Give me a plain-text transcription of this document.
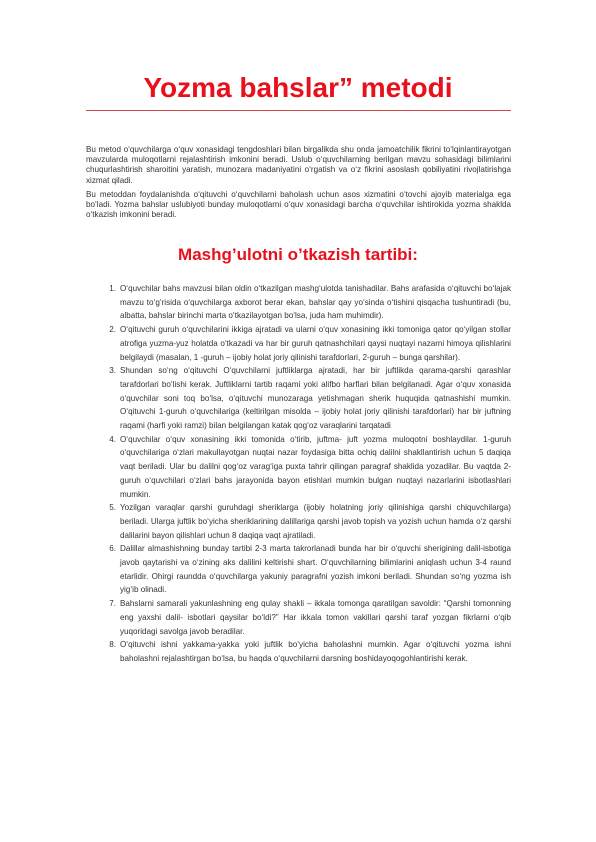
Yozma bahslar” metodi

Bu metod o‘quvchilarga o‘quv xonasidagi tengdoshlari bilan birgalikda shu onda jamoatchilik fikrini to‘lqinlantirayotgan mavzularda muloqotlarni rejalashtirish imkonini beradi. Uslub o‘quvchilarning berilgan mavzu sohasidagi bilimlarini chuqurlashtirish sharoitini yaratish, munozara madaniyatini o‘rgatish va o‘z fikrini asoslash qobiliyatini rivojlatirishga xizmat qiladi.

Bu metoddan foydalanishda o‘qituvchi o‘quvchilarni baholash uchun asos xizmatini o‘tovchi ajoyib materialga ega bo‘ladi. Yozma bahslar uslubiyoti bunday muloqotlarni o‘quv xonasidagi barcha o‘quvchilar ishtirokida yozma shaklda o‘tkazish imkonini beradi.

Mashg’ulotni o’tkazish tartibi:
1. O‘quvchilar bahs mavzusi bilan oldin o‘tkazilgan mashg‘ulotda tanishadilar. Bahs arafasida o‘qituvchi bo‘lajak mavzu to‘g‘risida o‘quvchilarga axborot berar ekan, bahslar qay yo‘sinda o‘tishini qisqacha tushuntiradi (bu, albatta, bahslar birinchi marta o‘tkazilayotgan bo‘lsa, juda ham muhimdir).
2. O‘qituvchi guruh o‘quvchilarini ikkiga ajratadi va ularni o‘quv xonasining ikki tomoniga qator qo‘yilgan stollar atrofiga yuzma-yuz holatda o‘tkazadi va har bir guruh qatnashchilari qaysi nuqtayi nazarni himoya qilishlarini belgilaydi (masalan, 1 -guruh – ijobiy holat joriy qilinishi tarafdorlari, 2-guruh – bunga qarshilar).
3. Shundan so‘ng o‘qituvchi O‘quvchilarni juftliklarga ajratadi, har bir juftlikda qarama-qarshi qarashlar tarafdorlari bo‘lishi kerak. Juftliklarni tartib raqami yoki alifbo harflari bilan belgilanadi. Agar o‘quv xonasida o‘quvchilar soni toq bo‘lsa, o‘qituvchi munozaraga yetishmagan sherik huquqida qatnashishi mumkin. O‘qituvchi 1-guruh o‘quvchilariga (keltirilgan misolda – ijobiy holat joriy qilinishi tarafdorlari) har bir juftning raqami (harfi yoki ramzi) bilan belgilangan katak qog‘oz varaqlarini tarqatadi
4. O‘quvchilar o‘quv xonasining ikki tomonida o‘tirib, juftma- juft yozma muloqotni boshlaydilar. 1-guruh o‘quvchilariga o‘zlari makullayotgan nuqtai nazar foydasiga bitta ochiq dalilni shakllantirish uchun 5 daqiqa vaqt beriladi. Ular bu dalilni qog‘oz varag‘iga puxta tahrir qilingan paragraf shaklida yozadilar. Bu vaqtda 2-guruh o‘quvchilari o‘zlari bahs jarayonida bayon etishlari mumkin bulgan nuqtayi nazarlarini isbotlashlari mumkin.
5. Yozilgan varaqlar qarshi guruhdagi sheriklarga (ijobiy holatning joriy qilinishiga qarshi chiquvchilarga) beriladi. Ularga juftlik bo‘yicha sheriklarining dalillariga qarshi javob topish va yozish uchun hamda o‘z qarshi dalilarini bayon qilishlari uchun 8 daqiqa vaqt ajratiladi.
6. Dalillar almashishning bunday tartibi 2-3 marta takrorlanadi bunda har bir o‘quvchi sherigining dalil-isbotiga javob qaytarishi va o‘zining aks dalilini keltirishi shart. O‘quvchilarning bilimlarini aniqlash uchun 3-4 raund etarlidir. Ohirgi raundda o‘quvchilarga yakuniy paragrafni yozish imkoni beriladi. Shundan so‘ng yozma ish yig‘ib olinadi.
7. Bahslarni samarali yakunlashning eng qulay shakli – ikkala tomonga qaratilgan savoldir: “Qarshi tomonning eng yaxshi dalil- isbotlari qaysilar bo‘ldi?” Har ikkala tomon vakillari qarshi taraf yozgan fikrlarni o‘qib yuqoridagi savolga javob beradilar.
8. O‘qituvchi ishni yakkama-yakka yoki juftlik bo‘yicha baholashni mumkin. Agar o‘qituvchi yozma ishni baholashni rejalashtirgan bo‘lsa, bu haqda o‘quvchilarni darsning boshidayoqogohlantirishi kerak.
